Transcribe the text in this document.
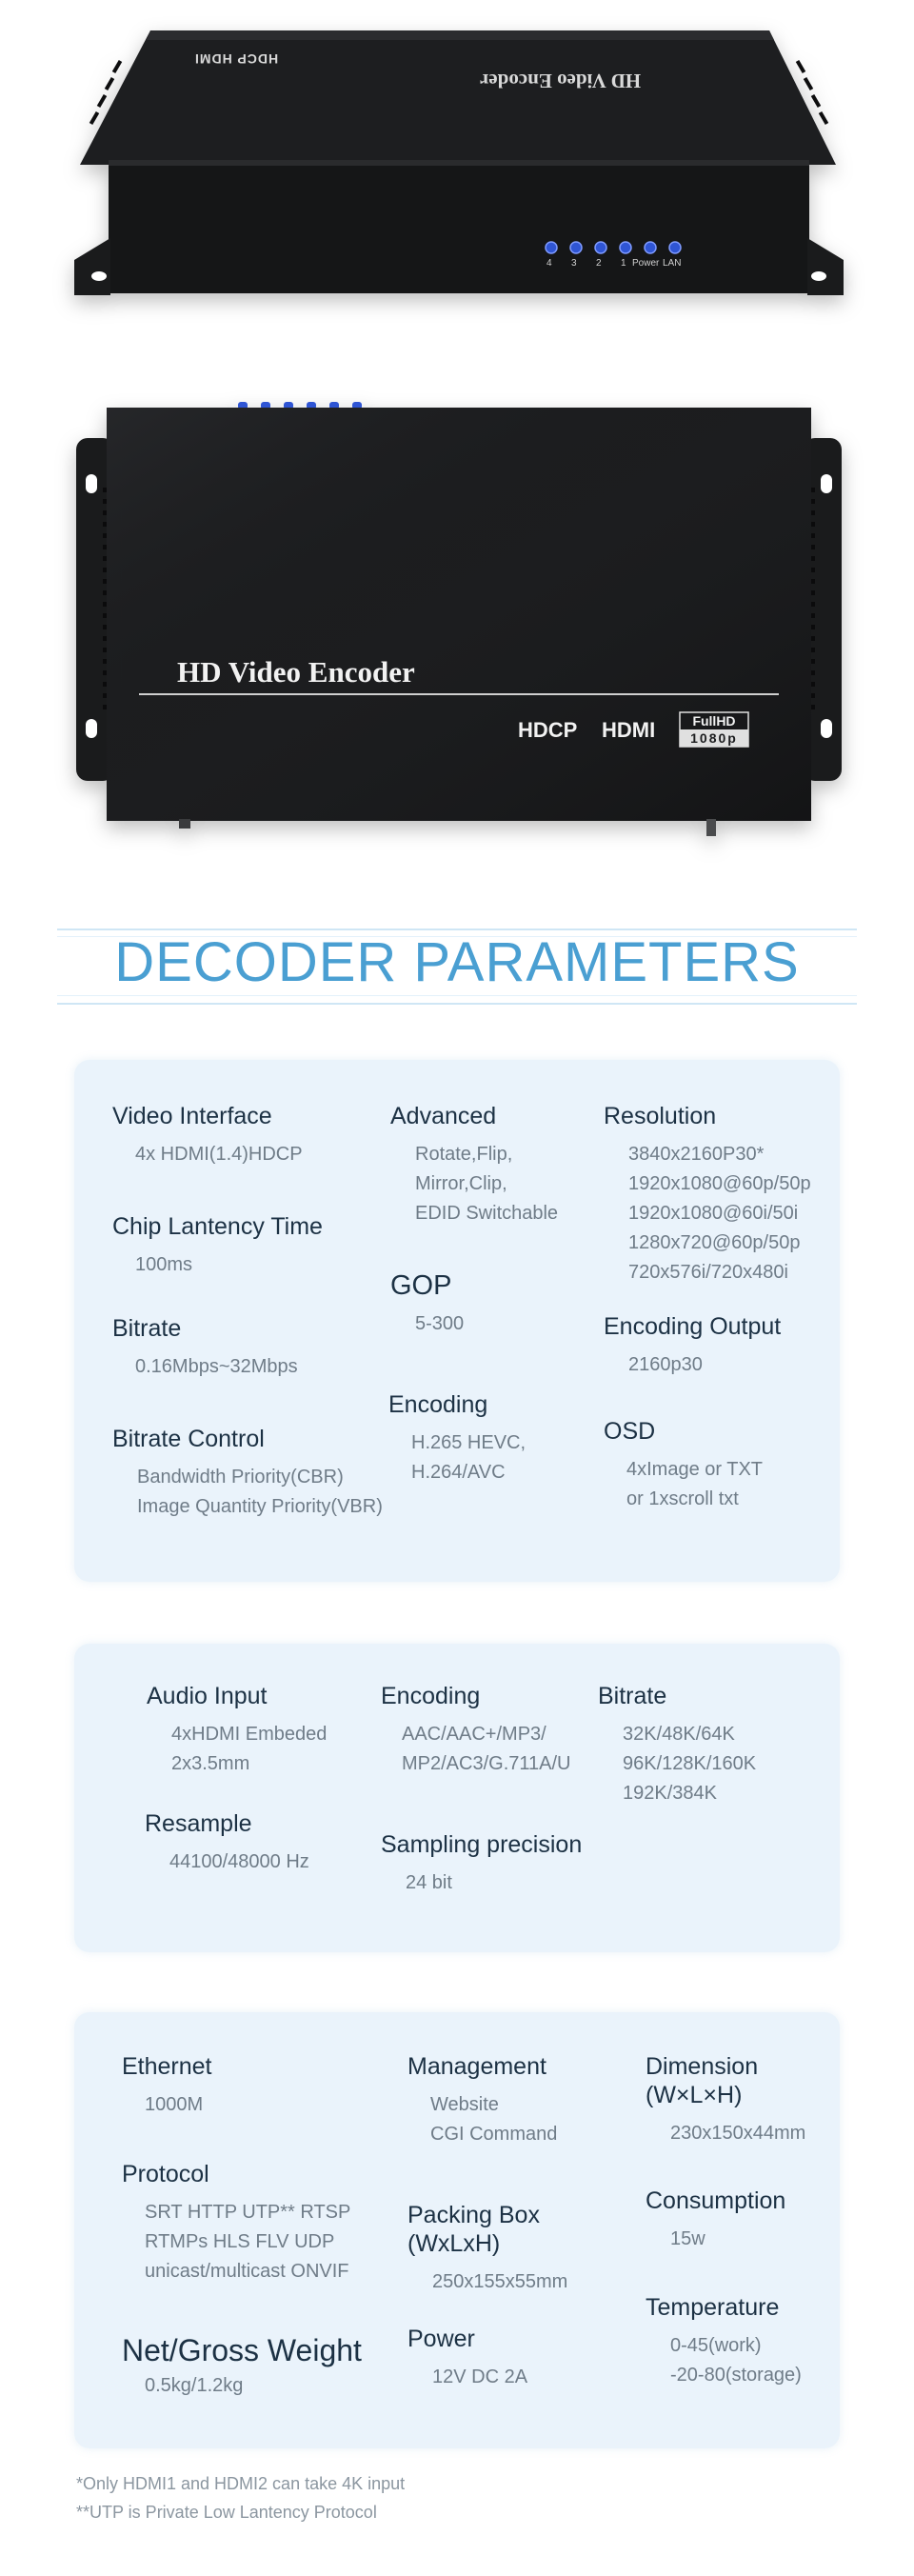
HD Video Encoder
HDCP HDMI
4 3 2 1 Power LAN
HD Video Encoder
HDCP HDMI	FullHD
1080p
DECODER PARAMETERS
Video Interface
4x HDMI(1.4)HDCP
Chip Lantency Time
100ms
Bitrate
0.16Mbps~32Mbps
Bitrate Control
Bandwidth Priority(CBR)
Image Quantity Priority(VBR)
Advanced
Rotate,Flip,
Mirror,Clip,
EDID Switchable
GOP
5-300
Encoding
H.265 HEVC,
H.264/AVC
Resolution
3840x2160P30*
1920x1080@60p/50p
1920x1080@60i/50i
1280x720@60p/50p
720x576i/720x480i
Encoding Output
2160p30
OSD
4xImage or TXT
or 1xscroll txt
Audio Input
4xHDMI Embeded
2x3.5mm
Resample
44100/48000 Hz
Encoding
AAC/AAC+/MP3/
MP2/AC3/G.711A/U
Sampling precision
24 bit
Bitrate
32K/48K/64K
96K/128K/160K
192K/384K
Ethernet
1000M
Protocol
SRT HTTP UTP** RTSP
RTMPs HLS FLV UDP
unicast/multicast ONVIF
Net/Gross Weight
0.5kg/1.2kg
Management
Website
CGI Command
Packing Box (WxLxH)
250x155x55mm
Power
12V DC 2A
Dimension (W×L×H)
230x150x44mm
Consumption
15w
Temperature
0-45(work)
-20-80(storage)
*Only HDMI1 and HDMI2 can take 4K input
**UTP is Private Low Lantency Protocol
